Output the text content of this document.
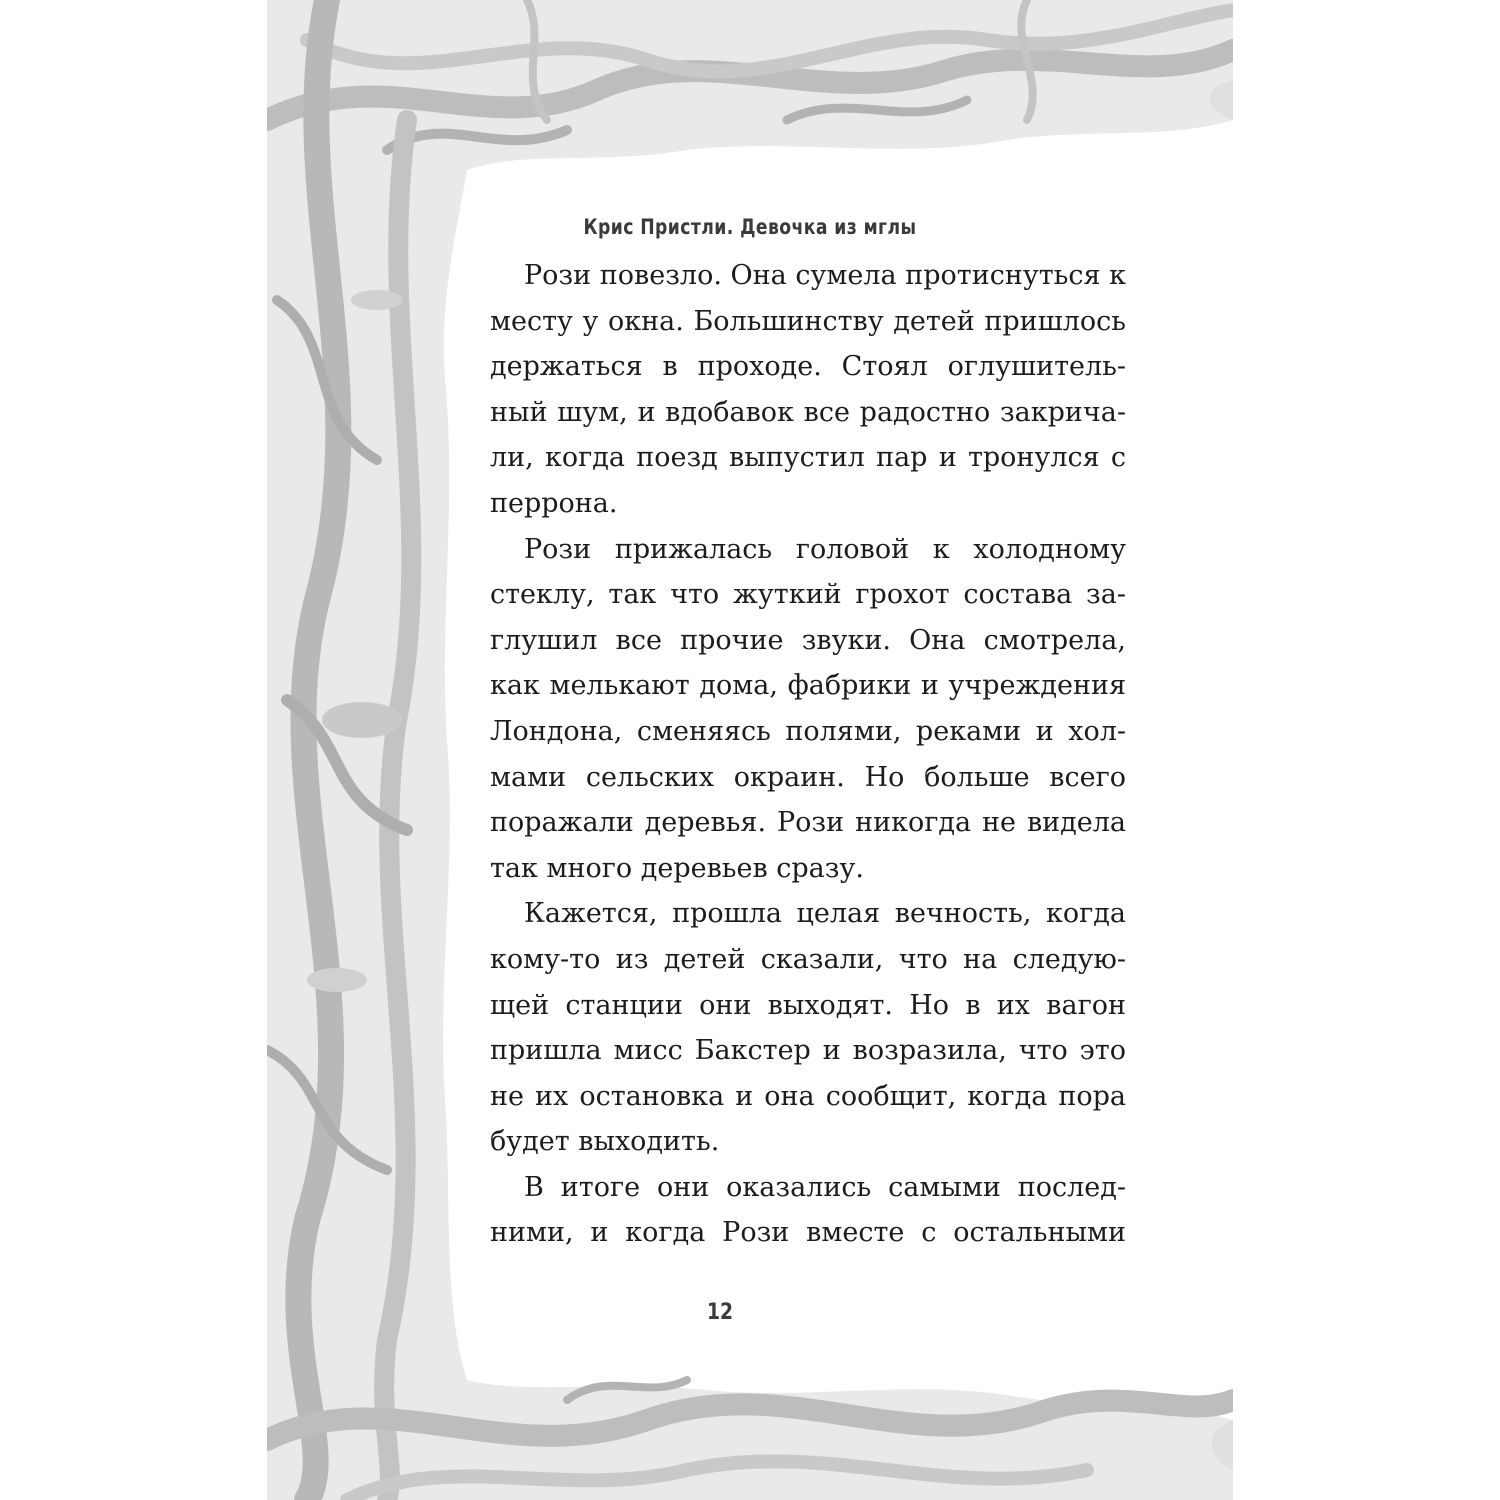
Крис Пристли. Девочка из мглы

Рози повезло. Она сумела протиснуться к месту у окна. Большинству детей пришлось держаться в проходе. Стоял оглушительный шум, и вдобавок все радостно закричали, когда поезд выпустил пар и тронулся с перрона.

Рози прижалась головой к холодному стеклу, так что жуткий грохот состава заглушил все прочие звуки. Она смотрела, как мелькают дома, фабрики и учреждения Лондона, сменяясь полями, реками и холмами сельских окраин. Но больше всего поражали деревья. Рози никогда не видела так много деревьев сразу.

Кажется, прошла целая вечность, когда кому-то из детей сказали, что на следующей станции они выходят. Но в их вагон пришла мисс Бакстер и возразила, что это не их остановка и она сообщит, когда пора будет выходить.

В итоге они оказались самыми последними, и когда Рози вместе с остальными

12
